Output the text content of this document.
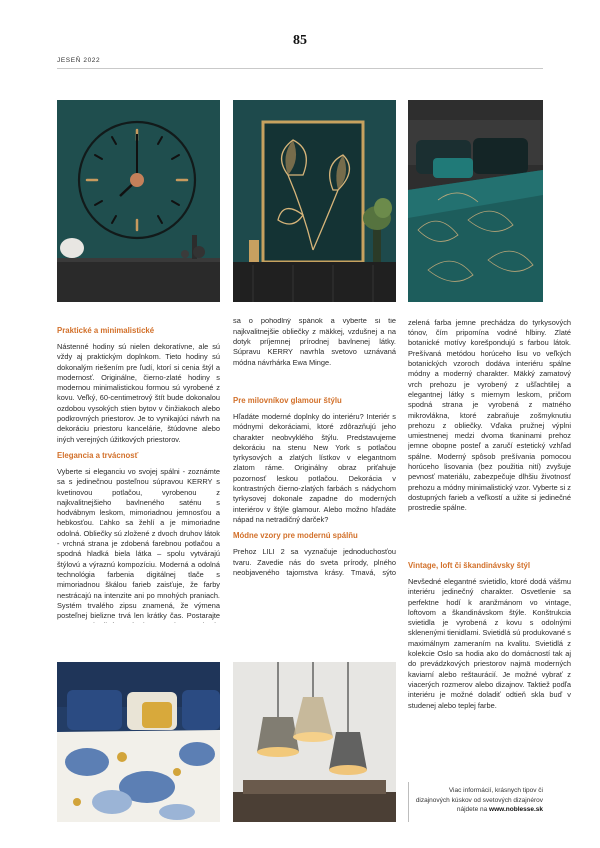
85
JESEŇ 2022
Praktické a minimalistické

Nástenné hodiny sú nielen dekoratívne, ale sú vždy aj praktickým doplnkom. Tieto hodiny sú dokonalým riešením pre ľudí, ktorí si cenia štýl a modernosť. Originálne, čierno-zlaté hodiny s modernou minimalistickou formou sú vyrobené z kovu. Veľký, 60-centimetrový štít bude dokonalou ozdobou vysokých stien bytov v činžiakoch alebo podkrovných priestorov. Je to vynikajúci návrh na dekoráciu priestoru kancelárie, štúdovne alebo iných verejných úžitkových priestorov.

Elegancia a trvácnosť

Vyberte si eleganciu vo svojej spálni - zoznámte sa s jedinečnou posteľnou súpravou KERRY s kvetinovou potlačou, vyrobenou z najkvalitnejšieho bavlneného saténu s hodvábnym leskom, mimoriadnou jemnosťou a hebkosťou. Ľahko sa žehlí a je mimoriadne odolná. Obliečky sú zložené z dvoch druhov látok - vrchná strana je zdobená farebnou potlačou a spodná hladká biela látka – spolu vytvárajú štýlovú a výraznú kompozíciu. Moderná a odolná technológia farbenia digitálnej tlače s mimoriadnou škálou farieb zaisťuje, že farby nestrácajú na intenzite ani po mnohých praniach. Systém trvalého zipsu znamená, že výmena posteľnej bielizne trvá len krátky čas. Postarajte

sa o pohodlný spánok a vyberte si tie najkvalitnejšie obliečky z mäkkej, vzdušnej a na dotyk príjemnej prírodnej bavlnenej látky. Súpravu KERRY navrhla svetovo uznávaná módna návrhárka Ewa Minge.

Pre milovníkov glamour štýlu

Hľadáte moderné doplnky do interiéru? Interiér s módnymi dekoráciami, ktoré zdôrazňujú jeho charakter neobvyklého štýlu. Predstavujeme dekoráciu na stenu New York s potlačou tyrkysových a zlatých lístkov v elegantnom zlatom ráme. Originálny obraz priťahuje pozornosť leskou potlačou. Dekorácia v kontrastných čierno-zlatých farbách s nádychom tyrkysovej dokonale zapadne do moderných interiérov v štýle glamour. Alebo možno hľadáte nápad na netradičný darček?

Módne vzory pre modernú spálňu

Prehoz LILI 2 sa vyznačuje jednoduchosťou tvaru. Zavedie nás do sveta prírody, plného neobjaveného tajomstva krásy. Tmavá, sýto

zelená farba jemne prechádza do tyrkysových tónov, čím pripomína vodné hlbiny. Zlaté botanické motívy korešpondujú s farbou látok. Prešívaná metódou horúceho lisu vo veľkých botanických vzoroch dodáva interiéru spálne módny a moderný charakter. Mäkký zamatový vrch prehozu je vyrobený z ušľachtilej a elegantnej látky s miernym leskom, pričom spodná strana je vyrobená z matného mikrovlákna, ktoré zabraňuje zošmyknutiu prehozu z obliečky. Vďaka pružnej výplni umiestnenej medzi dvoma tkaninami prehoz jemne obopne posteľ a zaručí estetický vzhľad spálne. Moderný spôsob prešívania pomocou horúceho lisovania (bez použitia nití) zvyšuje pevnosť materiálu, zabezpečuje dlhšiu životnosť prehozu a módny minimalistický vzor. Vyberte si z dostupných farieb a veľkostí a užite si jedinečné prostredie spálne.

Vintage, loft či škandinávsky štýl

Nevšedné elegantné svietidlo, ktoré dodá vášmu interiéru jedinečný charakter. Osvetlenie sa perfektne hodí k aranžmánom vo vintage, loftovom a škandinávskom štýle. Konštrukcia svietidla je vyrobená z kovu s odolnými sklenenými tienidlami. Svietidlá sú produkované s maximálnym zameraním na kvalitu. Svietidlá z kolekcie Oslo sa hodia ako do domácností tak aj do prevádzkových priestorov najmä moderných kaviarní alebo reštaurácií. Je možné vybrať z viacerých rozmerov alebo dizajnov. Taktiež podľa interiéru je možné doladiť odtieň skla buď v studenej alebo teplej farbe.

Viac informácií, krásnych tipov či dizajnových kúskov od svetových dizajnérov nájdete na www.noblesse.sk
